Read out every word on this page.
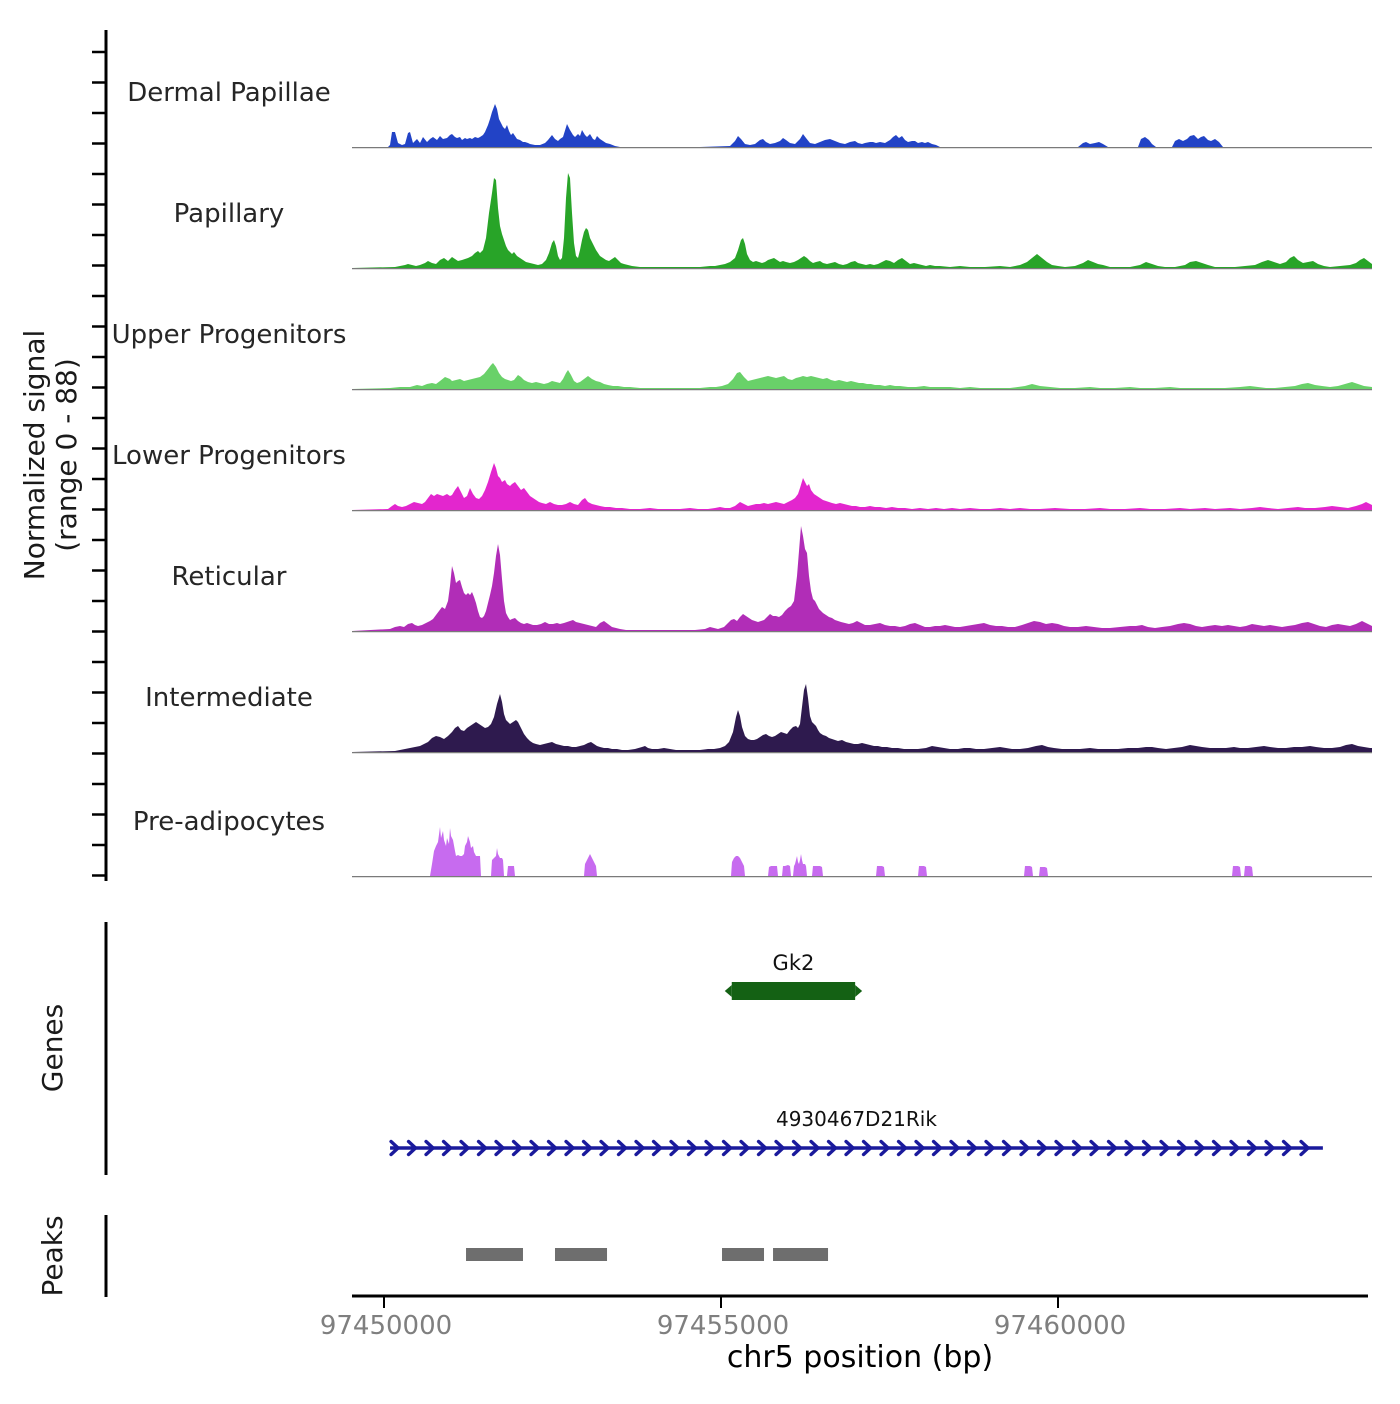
Normalized signal (range 0 - 88)
Dermal Papillae
Papillary
Upper Progenitors
Lower Progenitors
Reticular
Intermediate
Pre-adipocytes
Genes
Gk2
4930467D21Rik
Peaks
97450000	97455000	97460000
chr5 position (bp)
